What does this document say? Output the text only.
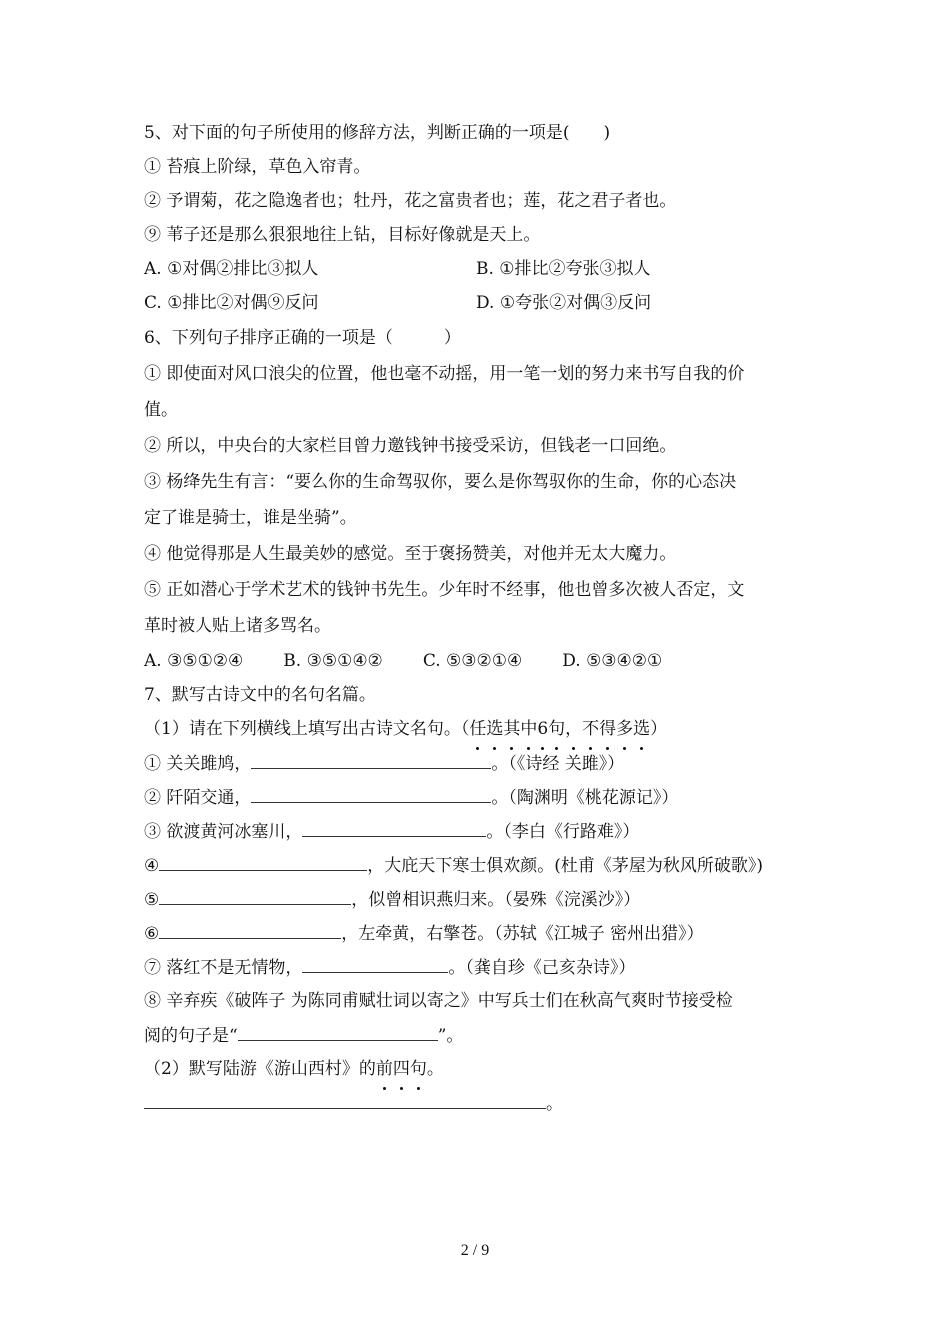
5、对下面的句子所使用的修辞方法，判断正确的一项是(　　)
① 苔痕上阶绿，草色入帘青。
② 予谓菊，花之隐逸者也；牡丹，花之富贵者也；莲，花之君子者也。
⑨ 苇子还是那么狠狠地往上钻，目标好像就是天上。
A. ①对偶②排比③拟人	B. ①排比②夸张③拟人
C. ①排比②对偶⑨反问	D. ①夸张②对偶③反问
6、下列句子排序正确的一项是（　　　）
① 即使面对风口浪尖的位置，他也毫不动摇，用一笔一划的努力来书写自我的价
值。
② 所以，中央台的大家栏目曾力邀钱钟书接受采访，但钱老一口回绝。
③ 杨绛先生有言：“要么你的生命驾驭你，要么是你驾驭你的生命，你的心态决
定了谁是骑士，谁是坐骑”。
④ 他觉得那是人生最美妙的感觉。至于褒扬赞美，对他并无太大魔力。
⑤ 正如潜心于学术艺术的钱钟书先生。少年时不经事，他也曾多次被人否定，文
革时被人贴上诸多骂名。
A. ③⑤①②④ B. ③⑤①④② C. ⑤③②①④ D. ⑤③④②①
7、默写古诗文中的名句名篇。
（1）请在下列横线上填写出古诗文名句。（任选其中6句，不得多选）
① 关关雎鸠，	。（《诗经 关雎》）
② 阡陌交通，	。（陶渊明《桃花源记》）
③ 欲渡黄河冰塞川，	。（李白《行路难》）
④	，大庇天下寒士俱欢颜。(杜甫《茅屋为秋风所破歌》)
⑤	，似曾相识燕归来。（晏殊《浣溪沙》）
⑥	，左牵黄，右擎苍。（苏轼《江城子 密州出猎》）
⑦ 落红不是无情物，	。（龚自珍《己亥杂诗》）
⑧ 辛弃疾《破阵子 为陈同甫赋壮词以寄之》中写兵士们在秋高气爽时节接受检
阅的句子是“	”。
（2）默写陆游《游山西村》的前四句。
。
2 / 9
